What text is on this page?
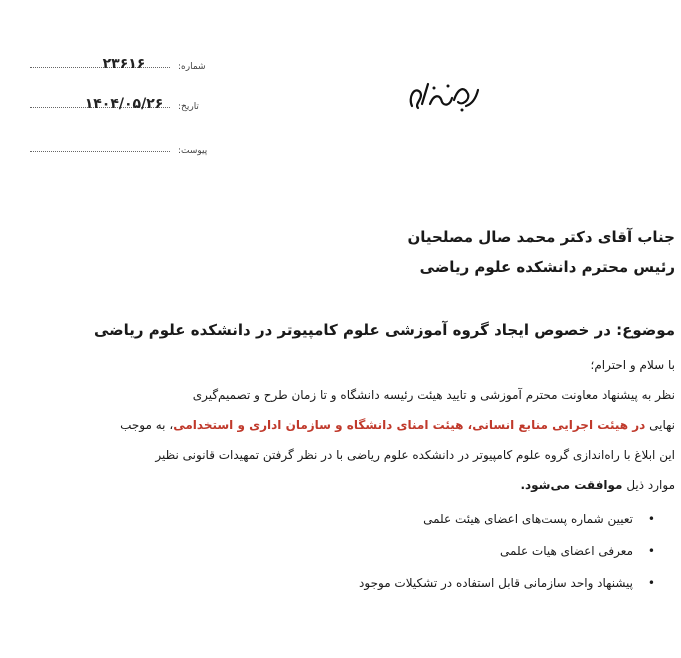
۲۳۶۱۶	شماره:
۱۴۰۴/۰۵/۲۶	تاریخ:
پیوست:
جناب آقای دکتر محمد صال مصلحیان
رئیس محترم دانشکده علوم ریاضی
موضوع: در خصوص ایجاد گروه آموزشی علوم کامپیوتر در دانشکده علوم ریاضی

با سلام و احترام؛

نظر به پیشنهاد معاونت محترم آموزشی و تایید هیئت رئیسه دانشگاه و تا زمان طرح و تصمیم‌گیری

نهایی در هیئت اجرایی منابع انسانی، هیئت امنای دانشگاه و سازمان اداری و استخدامی، به موجب

این ابلاغ با راه‌اندازی گروه علوم کامپیوتر در دانشکده علوم ریاضی با در نظر گرفتن تمهیدات قانونی نظیر

موارد ذیل موافقت می‌شود.

•
تعیین شماره پست‌های اعضای هیئت علمی
•
معرفی اعضای هیات علمی
•
پیشنهاد واحد سازمانی قابل استفاده در تشکیلات موجود
